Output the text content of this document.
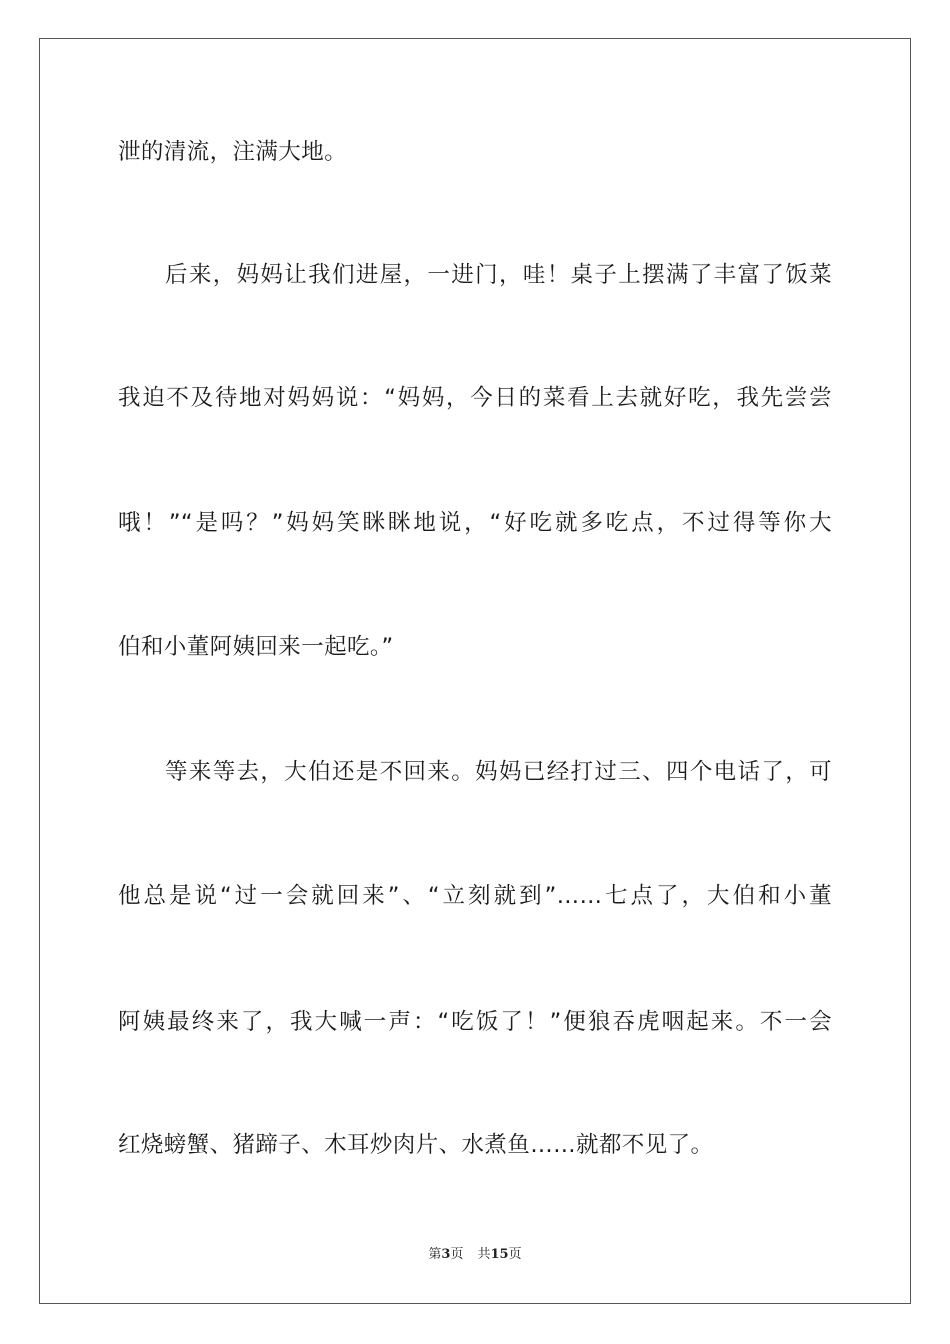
泄的清流，注满大地。
后来，妈妈让我们进屋，一进门，哇！桌子上摆满了丰富了饭菜
我迫不及待地对妈妈说：“妈妈，今日的菜看上去就好吃，我先尝尝
哦！”“是吗？”妈妈笑眯眯地说，“好吃就多吃点，不过得等你大
伯和小董阿姨回来一起吃。”
等来等去，大伯还是不回来。妈妈已经打过三、四个电话了，可
他总是说“过一会就回来”、“立刻就到”……七点了，大伯和小董
阿姨最终来了，我大喊一声：“吃饭了！”便狼吞虎咽起来。不一会
红烧螃蟹、猪蹄子、木耳炒肉片、水煮鱼……就都不见了。
第3页 共15页
